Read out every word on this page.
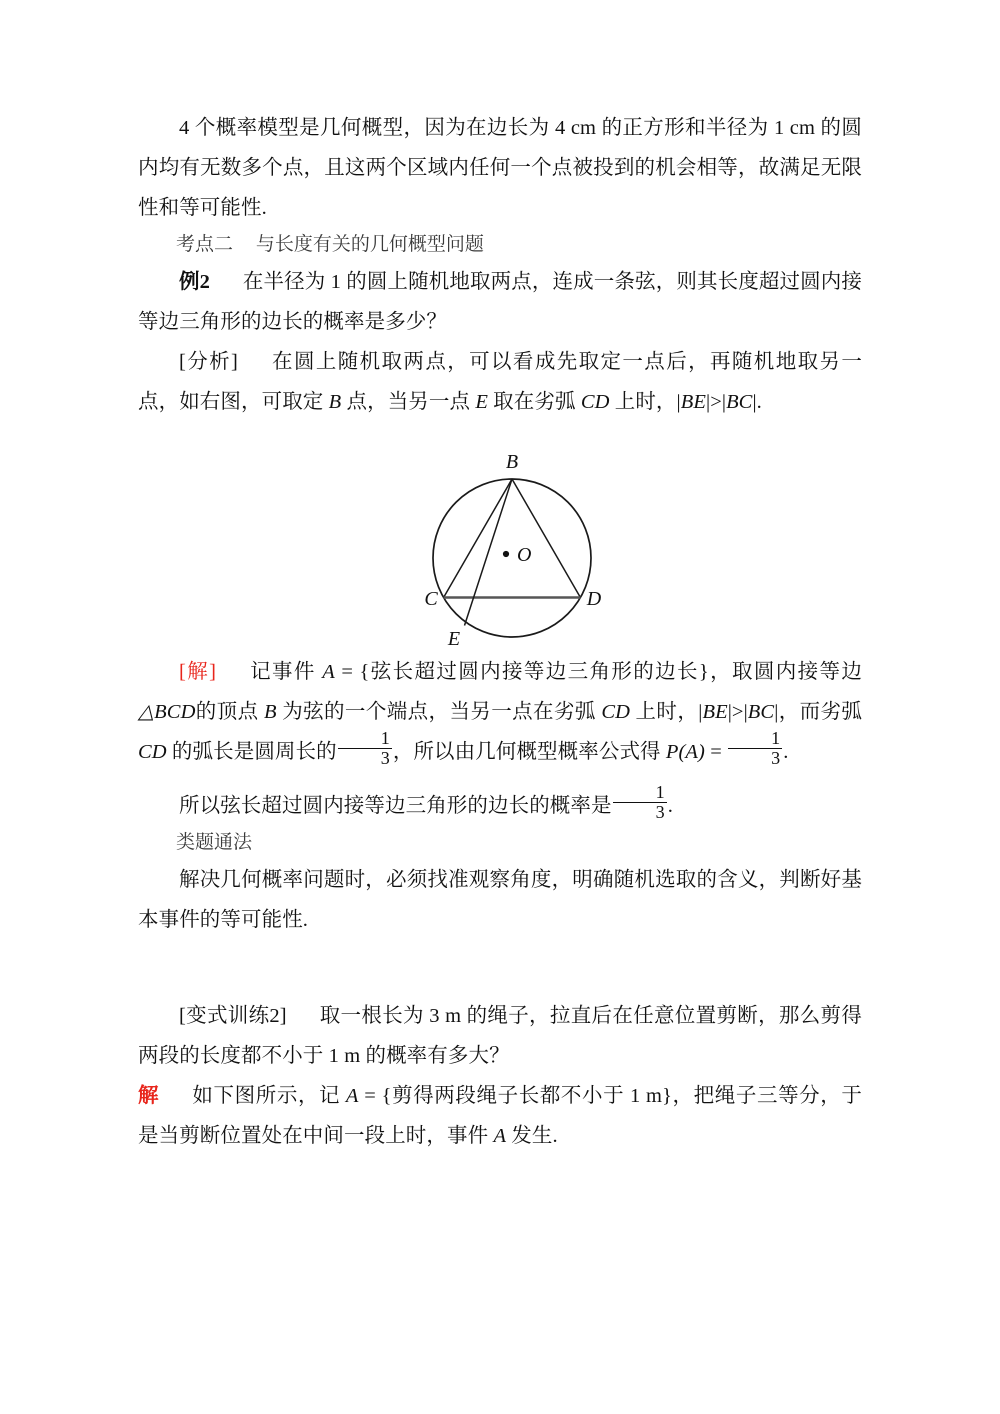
4 个概率模型是几何概型，因为在边长为 4 cm 的正方形和半径为 1 cm 的圆内均有无数多个点，且这两个区域内任何一个点被投到的机会相等，故满足无限性和等可能性.

考点二 与长度有关的几何概型问题

例2 在半径为 1 的圆上随机地取两点，连成一条弦，则其长度超过圆内接等边三角形的边长的概率是多少？

[分析] 在圆上随机取两点，可以看成先取定一点后，再随机地取另一点，如右图，可取定 B 点，当另一点 E 取在劣弧 CD 上时，|BE|>|BC|.

B
O
C	D
E

[解] 记事件 A = {弦长超过圆内接等边三角形的边长}，取圆内接等边△BCD的顶点 B 为弦的一个端点，当另一点在劣弧 CD 上时，|BE|>|BC|，而劣弧 CD 的弧长是圆周长的 $\frac{1}{3}$ ，所以由几何概型概率公式得 $P(A) = \frac{1}{3}$ .

所以弦长超过圆内接等边三角形的边长的概率是 $\frac{1}{3}$ .

类题通法

解决几何概率问题时，必须找准观察角度，明确随机选取的含义，判断好基本事件的等可能性.

[变式训练2] 取一根长为 3 m 的绳子，拉直后在任意位置剪断，那么剪得两段的长度都不小于 1 m 的概率有多大？

解 如下图所示，记 A = {剪得两段绳子长都不小于 1 m}，把绳子三等分，于是当剪断位置处在中间一段上时，事件 A 发生.
